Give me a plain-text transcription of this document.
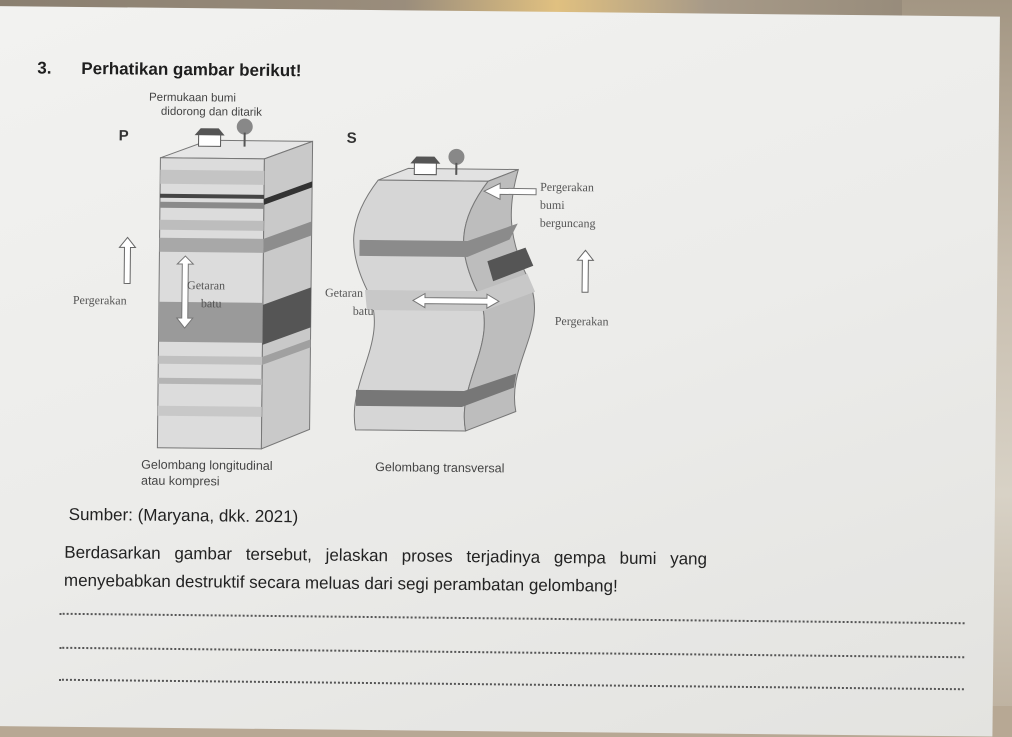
3. Perhatikan gambar berikut!
P	S
Permukaan bumi
didorong dan ditarik
Pergerakan
Getaran
batu
Getaran
batu
Pergerakan
bumi
berguncang
Pergerakan
Gelombang longitudinal
atau kompresi
Gelombang transversal
Sumber: (Maryana, dkk. 2021)
Berdasarkan gambar tersebut, jelaskan proses terjadinya gempa bumi yang
menyebabkan destruktif secara meluas dari segi perambatan gelombang!
